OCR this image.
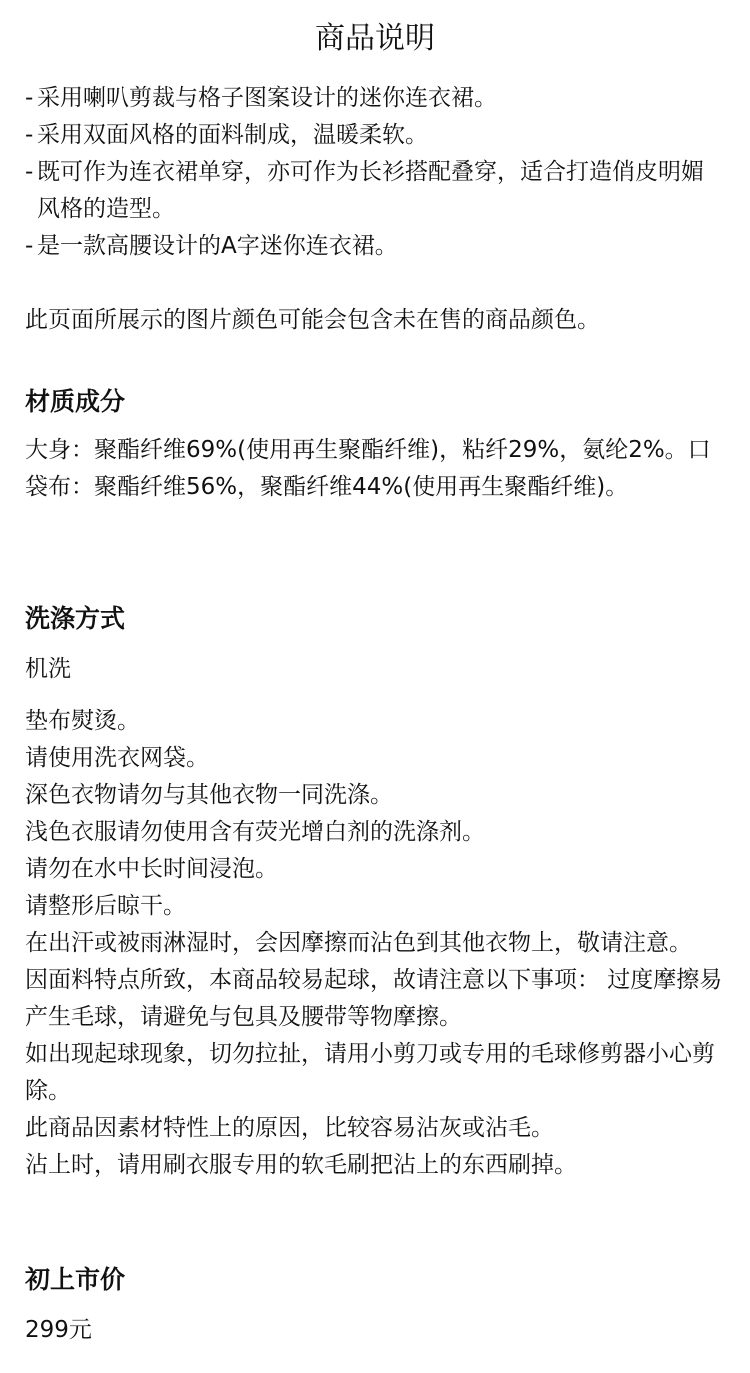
商品说明
- 采用喇叭剪裁与格子图案设计的迷你连衣裙。
- 采用双面风格的面料制成，温暖柔软。
- 既可作为连衣裙单穿，亦可作为长衫搭配叠穿，适合打造俏皮明媚风格的造型。
- 是一款高腰设计的A字迷你连衣裙。
此页面所展示的图片颜色可能会包含未在售的商品颜色。
材质成分
大身：聚酯纤维69%(使用再生聚酯纤维)，粘纤29%，氨纶2%。口袋布：聚酯纤维56%，聚酯纤维44%(使用再生聚酯纤维)。
洗涤方式
机洗
垫布熨烫。
请使用洗衣网袋。
深色衣物请勿与其他衣物一同洗涤。
浅色衣服请勿使用含有荧光增白剂的洗涤剂。
请勿在水中长时间浸泡。
请整形后晾干。
在出汗或被雨淋湿时，会因摩擦而沾色到其他衣物上，敬请注意。
因面料特点所致，本商品较易起球，故请注意以下事项： 过度摩擦易产生毛球，请避免与包具及腰带等物摩擦。
如出现起球现象，切勿拉扯，请用小剪刀或专用的毛球修剪器小心剪除。
此商品因素材特性上的原因，比较容易沾灰或沾毛。
沾上时，请用刷衣服专用的软毛刷把沾上的东西刷掉。
初上市价
299元
